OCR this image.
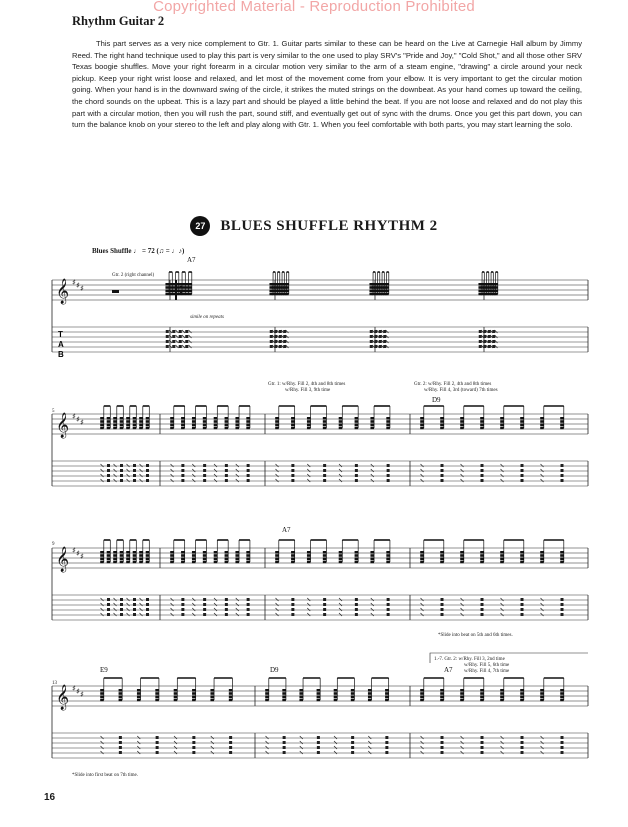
Copyrighted Material - Reproduction Prohibited
Rhythm Guitar 2
This part serves as a very nice complement to Gtr. 1. Guitar parts similar to these can be heard on the Live at Carnegie Hall album by Jimmy Reed. The right hand technique used to play this part is very similar to the one used to play SRV's "Pride and Joy," "Cold Shot," and all those other SRV Texas boogie shuffles. Move your right forearm in a circular motion very similar to the arm of a steam engine, "drawing" a circle around your neck pickup. Keep your right wrist loose and relaxed, and let most of the movement come from your elbow. It is very important to get the circular motion going. When your hand is in the downward swing of the circle, it strikes the muted strings on the downbeat. As your hand comes up toward the ceiling, the chord sounds on the upbeat. This is a lazy part and should be played a little behind the beat. If you are not loose and relaxed and do not play this part with a circular motion, then you will rush the part, sound stiff, and eventually get out of sync with the drums. Once you get this part down, you can turn the balance knob on your stereo to the left and play along with Gtr. 1. When you feel comfortable with both parts, you may start learning the solo.
27 BLUES SHUFFLE RHYTHM 2
Blues Shuffle ♩ = 72 (♫ = ♩♪)
A7
Gtr. 2 (right channel)
simile on repeats
T
A
B
5
D9
Gtr. 1: w/Rhy. Fill 2, 4th and 8th times
w/Rhy. Fill 3, 9th time
Gtr. 2: w/Rhy. Fill 2, 4th and 8th times
w/Rhy. Fill 4, 3rd (toward) 7th times
9
A7
*Slide into beat on 5th and 6th times.
13
E9	D9	A7
1.-7. Gtr. 2: w/Rhy. Fill 3, 2nd time
w/Rhy. Fill 5, 6th time
w/Rhy. Fill 4, 7th time
*Slide into first beat on 7th time.
𝄞 ♯ ♯ ♯
𝄞 ♯ ♯ ♯
𝄞 ♯ ♯ ♯
𝄞 ♯ ♯ ♯
16
